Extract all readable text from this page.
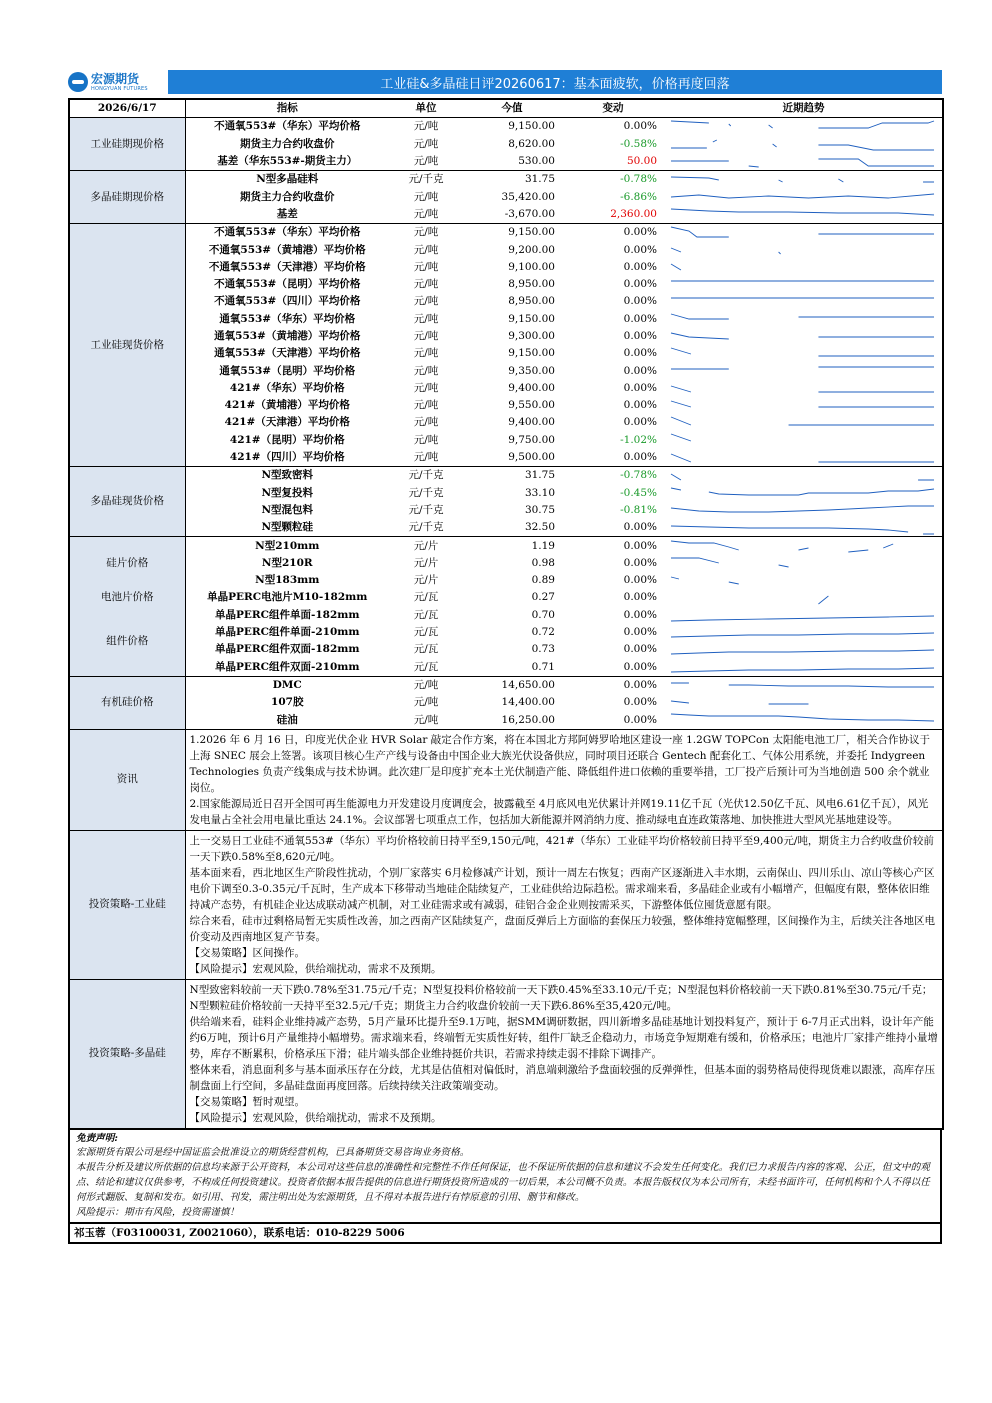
宏源期货
HONGYUAN FUTURES	工业硅&多晶硅日评20260617：基本面疲软，价格再度回落
2026/6/17	指标	单位	今值	变动	近期趋势
工业硅期现价格	不通氧553#（华东）平均价格	元/吨	9,150.00	0.00%	

	期货主力合约收盘价	元/吨	8,620.00	-0.58%	

	基差（华东553#-期货主力）	元/吨	530.00	50.00	

多晶硅期现价格	N型多晶硅料	元/千克	31.75	-0.78%	

	期货主力合约收盘价	元/吨	35,420.00	-6.86%	

	基差	元/吨	-3,670.00	2,360.00	

工业硅现货价格	不通氧553#（华东）平均价格	元/吨	9,150.00	0.00%	

	不通氧553#（黄埔港）平均价格	元/吨	9,200.00	0.00%	

	不通氧553#（天津港）平均价格	元/吨	9,100.00	0.00%	

	不通氧553#（昆明）平均价格	元/吨	8,950.00	0.00%	

	不通氧553#（四川）平均价格	元/吨	8,950.00	0.00%	

	通氧553#（华东）平均价格	元/吨	9,150.00	0.00%	

	通氧553#（黄埔港）平均价格	元/吨	9,300.00	0.00%	

	通氧553#（天津港）平均价格	元/吨	9,150.00	0.00%	

	通氧553#（昆明）平均价格	元/吨	9,350.00	0.00%	

	421#（华东）平均价格	元/吨	9,400.00	0.00%	

	421#（黄埔港）平均价格	元/吨	9,550.00	0.00%	

	421#（天津港）平均价格	元/吨	9,400.00	0.00%	

	421#（昆明）平均价格	元/吨	9,750.00	-1.02%	

	421#（四川）平均价格	元/吨	9,500.00	0.00%	

多晶硅现货价格	N型致密料	元/千克	31.75	-0.78%	

	N型复投料	元/千克	33.10	-0.45%	

	N型混包料	元/千克	30.75	-0.81%	

	N型颗粒硅	元/千克	32.50	0.00%	

硅片价格	N型210mm	元/片	1.19	0.00%	

	N型210R	元/片	0.98	0.00%	

	N型183mm	元/片	0.89	0.00%	

电池片价格	单晶PERC电池片M10-182mm	元/瓦	0.27	0.00%	

组件价格	单晶PERC组件单面-182mm	元/瓦	0.70	0.00%	

	单晶PERC组件单面-210mm	元/瓦	0.72	0.00%	

	单晶PERC组件双面-182mm	元/瓦	0.73	0.00%	

	单晶PERC组件双面-210mm	元/瓦	0.71	0.00%	

有机硅价格	DMC	元/吨	14,650.00	0.00%	

	107胶	元/吨	14,400.00	0.00%	

	硅油	元/吨	16,250.00	0.00%	

资讯	1.2026 年 6 月 16 日，印度光伏企业 HVR Solar 敲定合作方案，将在本国北方邦阿姆罗哈地区建设一座 1.2GW TOPCon 太阳能电池工厂，相关合作协议于上海 SNEC 展会上签署。该项目核心生产产线与设备由中国企业大族光伏设备供应，同时项目还联合 Gentech 配套化工、气体公用系统，并委托 Indygreen Technologies 负责产线集成与技术协调。此次建厂是印度扩充本土光伏制造产能、降低组件进口依赖的重要举措，工厂投产后预计可为当地创造 500 余个就业岗位。
2.国家能源局近日召开全国可再生能源电力开发建设月度调度会，披露截至 4月底风电光伏累计并网19.11亿千瓦（光伏12.50亿千瓦、风电6.61亿千瓦），风光发电量占全社会用电量比重达 24.1%。会议部署七项重点工作，包括加大新能源并网消纳力度、推动绿电直连政策落地、加快推进大型风光基地建设等。				

投资策略-工业硅	上一交易日工业硅不通氧553#（华东）平均价格较前日持平至9,150元/吨，421#（华东）工业硅平均价格较前日持平至9,400元/吨，期货主力合约收盘价较前一天下跌0.58%至8,620元/吨。
基本面来看，西北地区生产阶段性扰动，个别厂家落实 6月检修减产计划，预计一周左右恢复；西南产区逐渐进入丰水期，云南保山、四川乐山、凉山等核心产区电价下调至0.3-0.35元/千瓦时，生产成本下移带动当地硅企陆续复产，工业硅供给边际趋松。需求端来看，多晶硅企业或有小幅增产，但幅度有限，整体依旧维持减产态势，有机硅企业达成联动减产机制，对工业硅需求或有减弱，硅铝合金企业则按需采买，下游整体低位囤货意愿有限。
综合来看，硅市过剩格局暂无实质性改善，加之西南产区陆续复产，盘面反弹后上方面临的套保压力较强，整体维持宽幅整理，区间操作为主，后续关注各地区电价变动及西南地区复产节奏。
【交易策略】区间操作。
【风险提示】宏观风险，供给端扰动，需求不及预期。				

投资策略-多晶硅	N型致密料较前一天下跌0.78%至31.75元/千克；N型复投料价格较前一天下跌0.45%至33.10元/千克；N型混包料价格较前一天下跌0.81%至30.75元/千克；N型颗粒硅价格较前一天持平至32.5元/千克；期货主力合约收盘价较前一天下跌6.86%至35,420元/吨。
供给端来看，硅料企业维持减产态势，5月产量环比提升至9.1万吨，据SMM调研数据，四川新增多晶硅基地计划投料复产，预计于 6-7月正式出料，设计年产能约6万吨，预计6月产量维持小幅增势。需求端来看，终端暂无实质性好转，组件厂缺乏企稳动力，市场竞争短期难有缓和，价格承压；电池片厂家排产维持小量增势，库存不断累积，价格承压下滑；硅片端头部企业维持挺价共识，若需求持续走弱不排除下调排产。
整体来看，消息面利多与基本面承压存在分歧，尤其是估值相对偏低时，消息端刺激给予盘面较强的反弹弹性，但基本面的弱势格局使得现货难以跟涨，高库存压制盘面上行空间，多晶硅盘面再度回落。后续持续关注政策端变动。
【交易策略】暂时观望。
【风险提示】宏观风险，供给端扰动，需求不及预期。				
免责声明:
宏源期货有限公司是经中国证监会批准设立的期货经营机构，已具备期货交易咨询业务资格。
本报告分析及建议所依据的信息均来源于公开资料，本公司对这些信息的准确性和完整性不作任何保证，也不保证所依据的信息和建议不会发生任何变化。我们已力求报告内容的客观、公正，但文中的观点、结论和建议仅供参考，不构成任何投资建议。投资者依据本报告提供的信息进行期货投资所造成的一切后果，本公司概不负责。本报告版权仅为本公司所有，未经书面许可，任何机构和个人不得以任何形式翻版、复制和发布。如引用、刊发，需注明出处为宏源期货，且不得对本报告进行有悖原意的引用、删节和修改。
风险提示：期市有风险，投资需谨慎！
祁玉蓉（F03100031, Z0021060），联系电话：010-8229 5006
